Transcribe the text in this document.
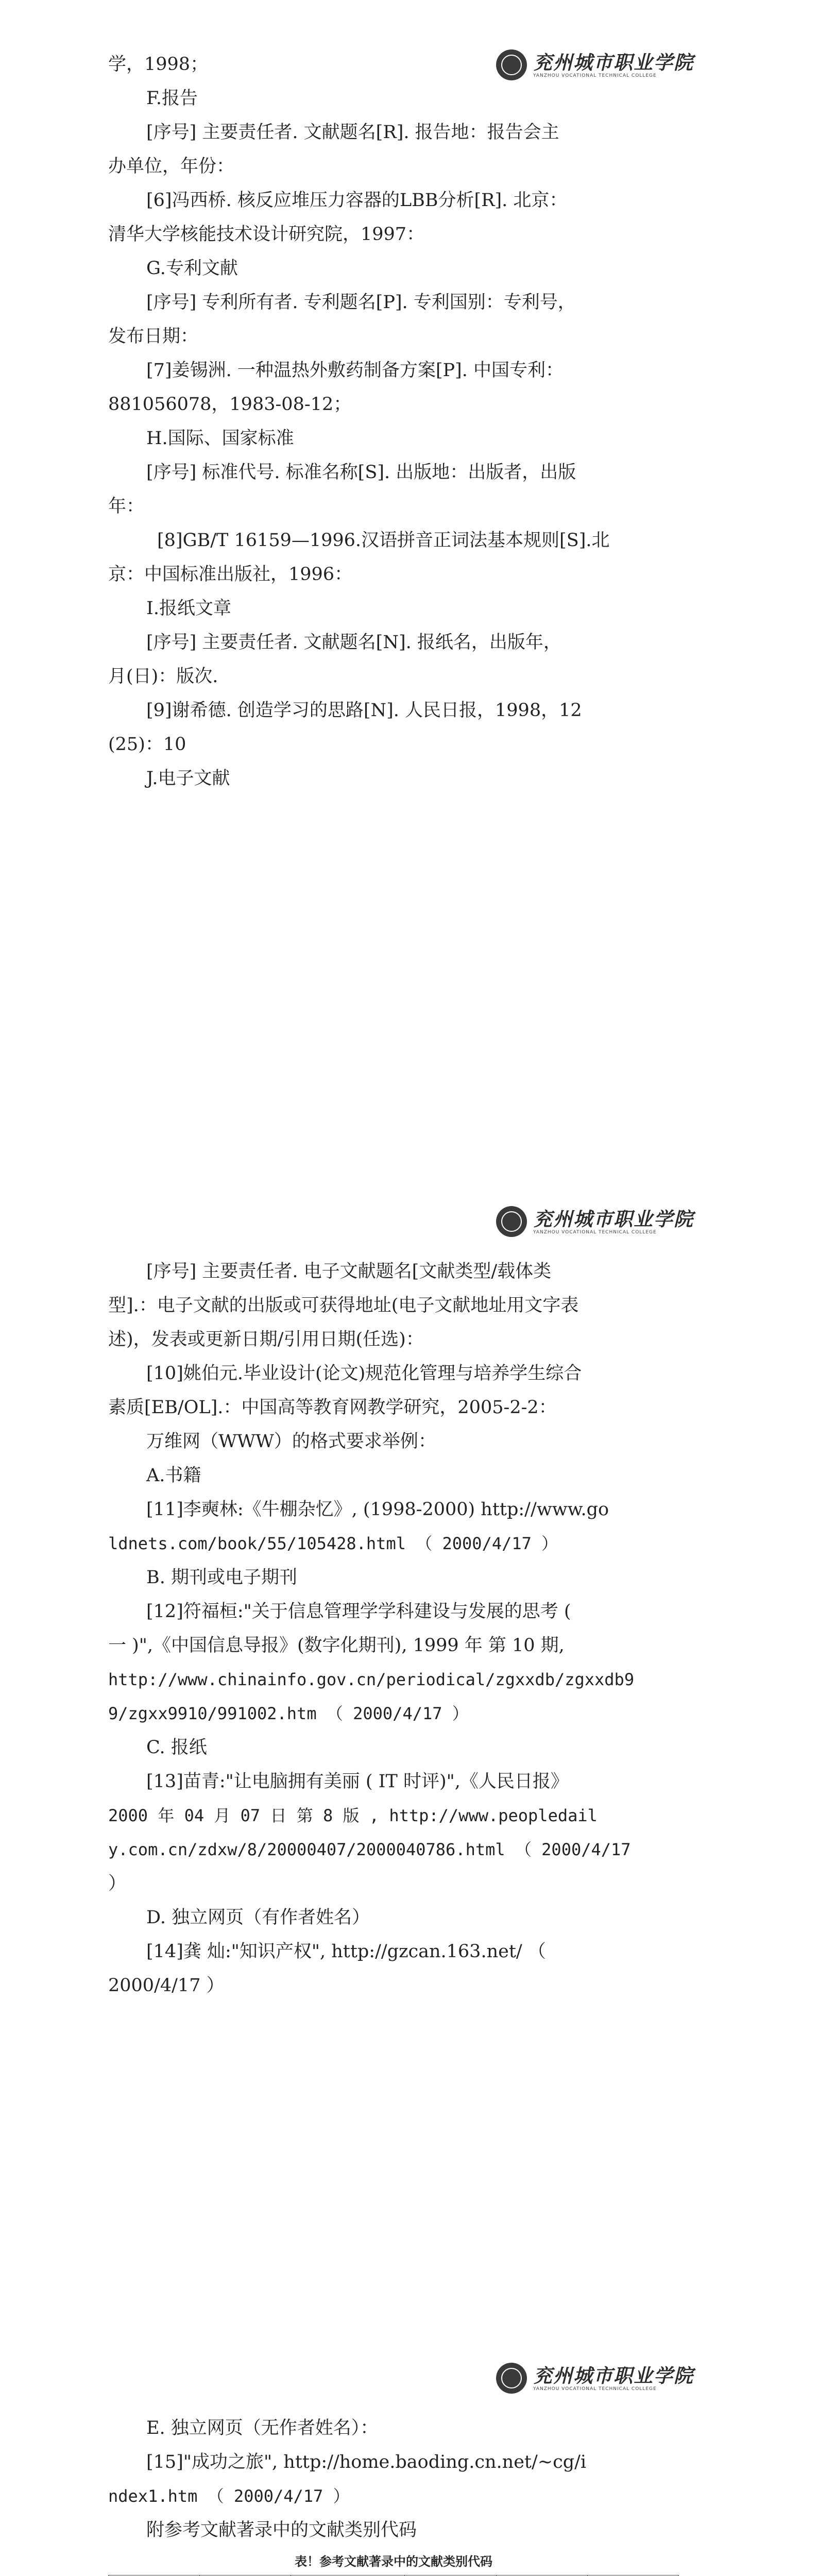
兖州城市职业学院
YANZHOU VOCATIONAL TECHNICAL COLLEGE

学，1998；

F.报告

[序号] 主要责任者. 文献题名[R]. 报告地：报告会主

办单位，年份：

[6]冯西桥. 核反应堆压力容器的LBB分析[R]. 北京：

清华大学核能技术设计研究院，1997：

G.专利文献

[序号] 专利所有者. 专利题名[P]. 专利国别：专利号，

发布日期：

[7]姜锡洲. 一种温热外敷药制备方案[P]. 中国专利：

881056078，1983-08-12；

H.国际、国家标准

[序号] 标准代号. 标准名称[S]. 出版地：出版者，出版

年：

[8]GB/T 16159—1996.汉语拼音正词法基本规则[S].北

京：中国标准出版社，1996：

I.报纸文章

[序号] 主要责任者. 文献题名[N]. 报纸名，出版年，

月(日)：版次.

[9]谢希德. 创造学习的思路[N]. 人民日报，1998，12

(25)：10

J.电子文献

兖州城市职业学院
YANZHOU VOCATIONAL TECHNICAL COLLEGE

[序号] 主要责任者. 电子文献题名[文献类型/载体类

型].：电子文献的出版或可获得地址(电子文献地址用文字表

述)，发表或更新日期/引用日期(任选)：

[10]姚伯元.毕业设计(论文)规范化管理与培养学生综合

素质[EB/OL].：中国高等教育网教学研究，2005-2-2：

万维网（WWW）的格式要求举例：

A.书籍

[11]李奭林:《牛棚杂忆》, (1998-2000) http://www.go

ldnets.com/book/55/105428.html （ 2000/4/17 ）

B. 期刊或电子期刊

[12]符福桓:"关于信息管理学学科建设与发展的思考 (

一 )",《中国信息导报》(数字化期刊), 1999 年 第 10 期,

http://www.chinainfo.gov.cn/periodical/zgxxdb/zgxxdb9

9/zgxx9910/991002.htm （ 2000/4/17 ）

C. 报纸

[13]苗青:"让电脑拥有美丽 ( IT 时评)",《人民日报》

2000 年 04 月 07 日 第 8 版 , http://www.peopledail

y.com.cn/zdxw/8/20000407/2000040786.html （ 2000/4/17

）

D. 独立网页（有作者姓名）

[14]龚 灿:"知识产权", http://gzcan.163.net/ （

2000/4/17 ）

兖州城市职业学院
YANZHOU VOCATIONAL TECHNICAL COLLEGE

E. 独立网页（无作者姓名）：

[15]"成功之旅", http://home.baoding.cn.net/~cg/i

ndex1.htm （ 2000/4/17 ）

附参考文献著录中的文献类别代码

表！参考文献著录中的文献类别代码
